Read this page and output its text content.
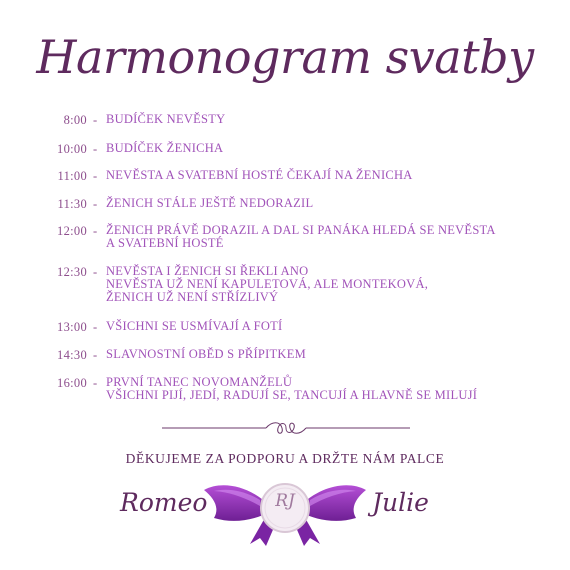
Harmonogram svatby
8:00 - BUDÍČEK NEVĚSTY
10:00 - BUDÍČEK ŽENICHA
11:00 - NEVĚSTA A SVATEBNÍ HOSTÉ ČEKAJÍ NA ŽENICHA
11:30 - ŽENICH STÁLE JEŠTĚ NEDORAZIL
12:00 - ŽENICH PRÁVĚ DORAZIL A DAL SI PANÁKA HLEDÁ SE NEVĚSTA
A SVATEBNÍ HOSTÉ
12:30 - NEVĚSTA I ŽENICH SI ŘEKLI ANO
NEVĚSTA UŽ NENÍ KAPULETOVÁ, ALE MONTEKOVÁ,
ŽENICH UŽ NENÍ STŘÍZLIVÝ
13:00 - VŠICHNI SE USMÍVAJÍ A FOTÍ
14:30 - SLAVNOSTNÍ OBĚD S PŘÍPITKEM
16:00 - PRVNÍ TANEC NOVOMANŽELŮ
VŠICHNI PIJÍ, JEDÍ, RADUJÍ SE, TANCUJÍ A HLAVNĚ SE MILUJÍ
DĚKUJEME ZA PODPORU A DRŽTE NÁM PALCE
Romeo	Julie
RJ
